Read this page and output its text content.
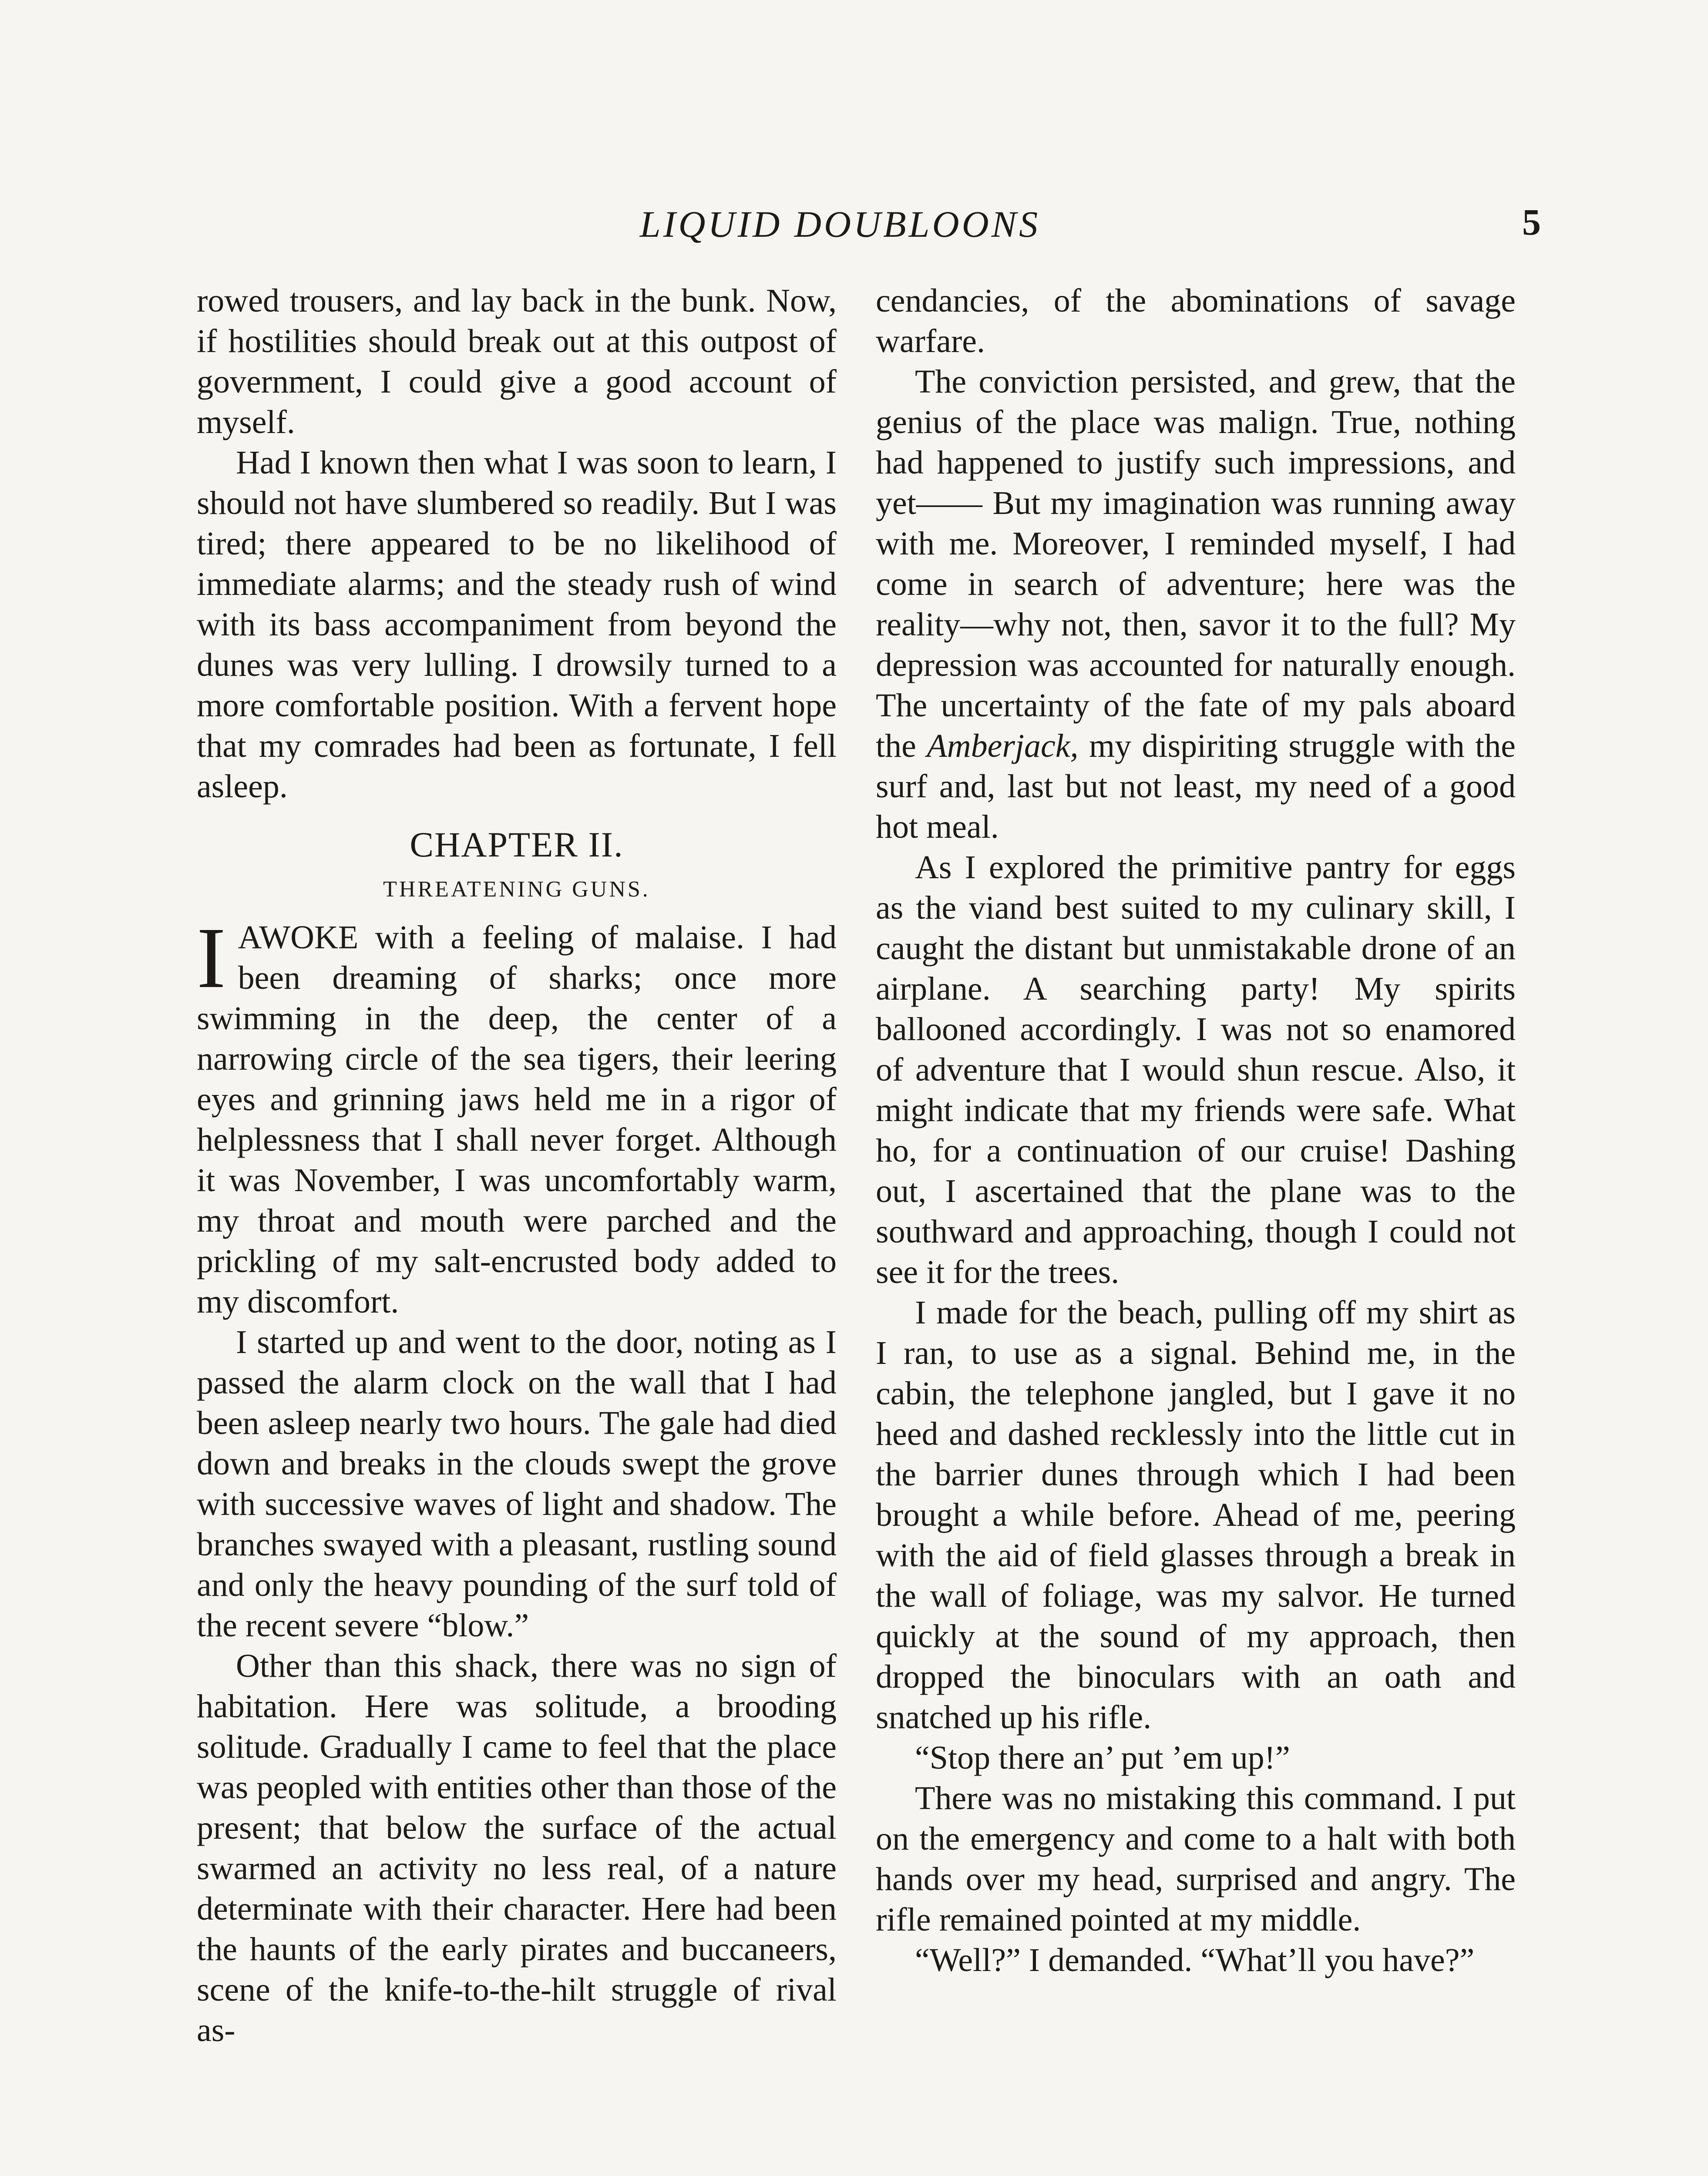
LIQUID DOUBLOONS	5

rowed trousers, and lay back in the bunk. Now, if hostilities should break out at this outpost of government, I could give a good account of myself.

Had I known then what I was soon to learn, I should not have slumbered so readily. But I was tired; there appeared to be no likelihood of immediate alarms; and the steady rush of wind with its bass accompaniment from beyond the dunes was very lulling. I drowsily turned to a more comfortable position. With a fervent hope that my comrades had been as fortunate, I fell asleep.

CHAPTER II.
THREATENING GUNS.

I AWOKE with a feeling of malaise. I had been dreaming of sharks; once more swimming in the deep, the center of a narrowing circle of the sea tigers, their leering eyes and grinning jaws held me in a rigor of helplessness that I shall never forget. Although it was November, I was uncomfortably warm, my throat and mouth were parched and the prickling of my salt-encrusted body added to my discomfort.

I started up and went to the door, noting as I passed the alarm clock on the wall that I had been asleep nearly two hours. The gale had died down and breaks in the clouds swept the grove with successive waves of light and shadow. The branches swayed with a pleasant, rustling sound and only the heavy pounding of the surf told of the recent severe “blow.”

Other than this shack, there was no sign of habitation. Here was solitude, a brooding solitude. Gradually I came to feel that the place was peopled with entities other than those of the present; that below the surface of the actual swarmed an activity no less real, of a nature determinate with their character. Here had been the haunts of the early pirates and buccaneers, scene of the knife-to-the-hilt struggle of rival as-

cendancies, of the abominations of savage warfare.

The conviction persisted, and grew, that the genius of the place was malign. True, nothing had happened to justify such impressions, and yet—— But my imagination was running away with me. Moreover, I reminded myself, I had come in search of adventure; here was the reality—why not, then, savor it to the full? My depression was accounted for naturally enough. The uncertainty of the fate of my pals aboard the Amberjack, my dispiriting struggle with the surf and, last but not least, my need of a good hot meal.

As I explored the primitive pantry for eggs as the viand best suited to my culinary skill, I caught the distant but unmistakable drone of an airplane. A searching party! My spirits ballooned accordingly. I was not so enamored of adventure that I would shun rescue. Also, it might indicate that my friends were safe. What ho, for a continuation of our cruise! Dashing out, I ascertained that the plane was to the southward and approaching, though I could not see it for the trees.

I made for the beach, pulling off my shirt as I ran, to use as a signal. Behind me, in the cabin, the telephone jangled, but I gave it no heed and dashed recklessly into the little cut in the barrier dunes through which I had been brought a while before. Ahead of me, peering with the aid of field glasses through a break in the wall of foliage, was my salvor. He turned quickly at the sound of my approach, then dropped the binoculars with an oath and snatched up his rifle.

“Stop there an’ put ’em up!”

There was no mistaking this command. I put on the emergency and come to a halt with both hands over my head, surprised and angry. The rifle remained pointed at my middle.

“Well?” I demanded. “What’ll you have?”
